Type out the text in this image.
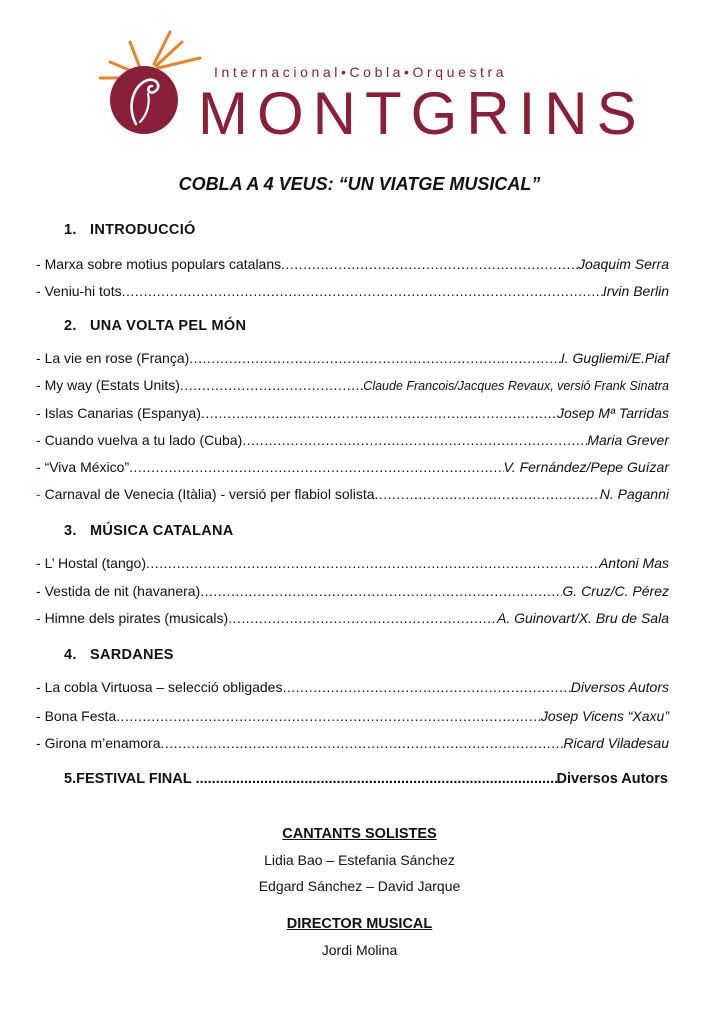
Internacional•Cobla•Orquestra
MONTGRINS
COBLA A 4 VEUS: “UN VIATGE MUSICAL”
1. INTRODUCCIÓ
- Marxa sobre motius populars catalans .....	Joaquim Serra
- Veniu-hi tots .....	Irvin Berlin
2. UNA VOLTA PEL MÓN
- La vie en rose (França) .....	I. Gugliemi/E.Piaf
- My way (Estats Units) .....	Claude Francois/Jacques Revaux, versió Frank Sinatra
- Islas Canarias (Espanya) .....	Josep Mª Tarridas
- Cuando vuelva a tu lado (Cuba) .....	Maria Grever
- “Viva México” .....	V. Fernández/Pepe Guízar
- Carnaval de Venecia (Itàlia) - versió per flabiol solista .....	N. Paganni
3. MÚSICA CATALANA
- L’ Hostal (tango) .....	Antoni Mas
- Vestida de nit (havanera) .....	G. Cruz/C. Pérez
- Himne dels pirates (musicals) .....	A. Guinovart/X. Bru de Sala
4. SARDANES
- La cobla Virtuosa – selecció obligades .....	Diversos Autors
- Bona Festa .....	Josep Vicens “Xaxu”
- Girona m’enamora .....	Ricard Viladesau
5. FESTIVAL FINAL .....	Diversos Autors
CANTANTS SOLISTES

Lidia Bao – Estefania Sánchez

Edgard Sánchez – David Jarque

DIRECTOR MUSICAL

Jordi Molina
